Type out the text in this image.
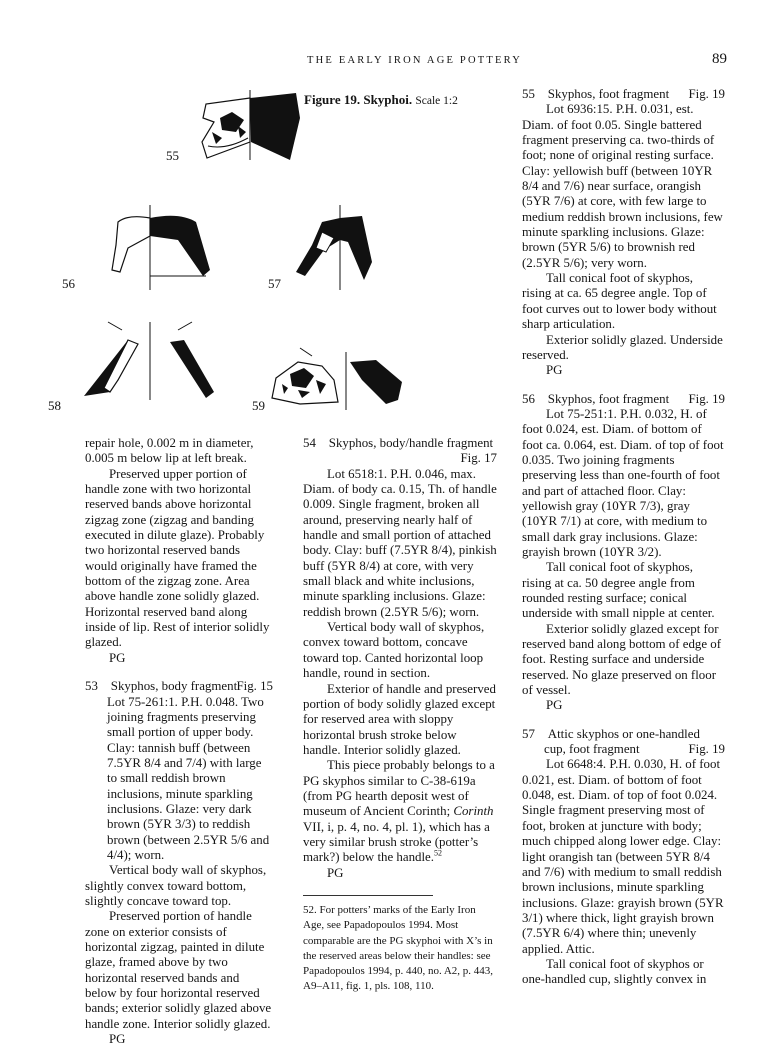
THE EARLY IRON AGE POTTERY	89
Figure 19. Skyphoi. Scale 1:2
55
56	57
58	59

repair hole, 0.002 m in diameter,

0.005 m below lip at left break.

Preserved upper portion of handle zone with two horizontal reserved bands above horizontal zigzag zone (zigzag and banding executed in dilute glaze). Probably two horizontal reserved bands would originally have framed the bottom of the zigzag zone. Area above handle zone solidly glazed. Horizontal reserved band along inside of lip. Rest of interior solidly glazed.

PG

53  Skyphos, body fragment Fig. 15

Lot 75-261:1. P.H. 0.048. Two joining fragments preserving small portion of upper body. Clay: tannish buff (between 7.5YR 8/4 and 7/4) with large to small reddish brown inclusions, minute sparkling inclusions. Glaze: very dark brown (5YR 3/3) to reddish brown (between 2.5YR 5/6 and 4/4); worn.

Vertical body wall of skyphos, slightly convex toward bottom, slightly concave toward top.

Preserved portion of handle zone on exterior consists of horizontal zigzag, painted in dilute glaze, framed above by two horizontal reserved bands and below by four horizontal reserved bands; exterior solidly glazed above handle zone. Interior solidly glazed.

PG

54  Skyphos, body/handle fragment

Fig. 17

Lot 6518:1. P.H. 0.046, max. Diam. of body ca. 0.15, Th. of handle 0.009. Single fragment, broken all around, preserving nearly half of handle and small portion of attached body. Clay: buff (7.5YR 8/4), pinkish buff (5YR 8/4) at core, with very small black and white inclusions, minute sparkling inclusions. Glaze: reddish brown (2.5YR 5/6); worn.

Vertical body wall of skyphos, convex toward bottom, concave toward top. Canted horizontal loop handle, round in section.

Exterior of handle and preserved portion of body solidly glazed except for reserved area with sloppy horizontal brush stroke below handle. Interior solidly glazed.

This piece probably belongs to a PG skyphos similar to C-38-619a (from PG hearth deposit west of museum of Ancient Corinth; Corinth VII, i, p. 4, no. 4, pl. 1), which has a very similar brush stroke (potter’s mark?) below the handle.$^{52}$

PG

52. For potters’ marks of the Early Iron Age, see Papadopoulos 1994. Most comparable are the PG skyphoi with X’s in the reserved areas below their handles: see Papadopoulos 1994, p. 440, no. A2, p. 443, A9–A11, fig. 1, pls. 108, 110.

55  Skyphos, foot fragment Fig. 19

Lot 6936:15. P.H. 0.031, est. Diam. of foot 0.05. Single battered fragment preserving ca. two-thirds of foot; none of original resting surface. Clay: yellowish buff (between 10YR 8/4 and 7/6) near surface, orangish (5YR 7/6) at core, with few large to medium reddish brown inclusions, few minute sparkling inclusions. Glaze: brown (5YR 5/6) to brownish red (2.5YR 5/6); very worn.

Tall conical foot of skyphos, rising at ca. 65 degree angle. Top of foot curves out to lower body without sharp articulation.

Exterior solidly glazed. Underside reserved.

PG

56  Skyphos, foot fragment Fig. 19

Lot 75-251:1. P.H. 0.032, H. of foot 0.024, est. Diam. of bottom of foot ca. 0.064, est. Diam. of top of foot 0.035. Two joining fragments preserving less than one-fourth of foot and part of attached floor. Clay: yellowish gray (10YR 7/3), gray (10YR 7/1) at core, with medium to small dark gray inclusions. Glaze: grayish brown (10YR 3/2).

Tall conical foot of skyphos, rising at ca. 50 degree angle from rounded resting surface; conical underside with small nipple at center.

Exterior solidly glazed except for reserved band along bottom of edge of foot. Resting surface and underside reserved. No glaze preserved on floor of vessel.

PG

57  Attic skyphos or one-handled

cup, foot fragment	Fig. 19

Lot 6648:4. P.H. 0.030, H. of foot 0.021, est. Diam. of bottom of foot 0.048, est. Diam. of top of foot 0.024. Single fragment preserving most of foot, broken at juncture with body; much chipped along lower edge. Clay: light orangish tan (between 5YR 8/4 and 7/6) with medium to small reddish brown inclusions, minute sparkling inclusions. Glaze: grayish brown (5YR 3/1) where thick, light grayish brown (7.5YR 6/4) where thin; unevenly applied. Attic.

Tall conical foot of skyphos or one-handled cup, slightly convex in
